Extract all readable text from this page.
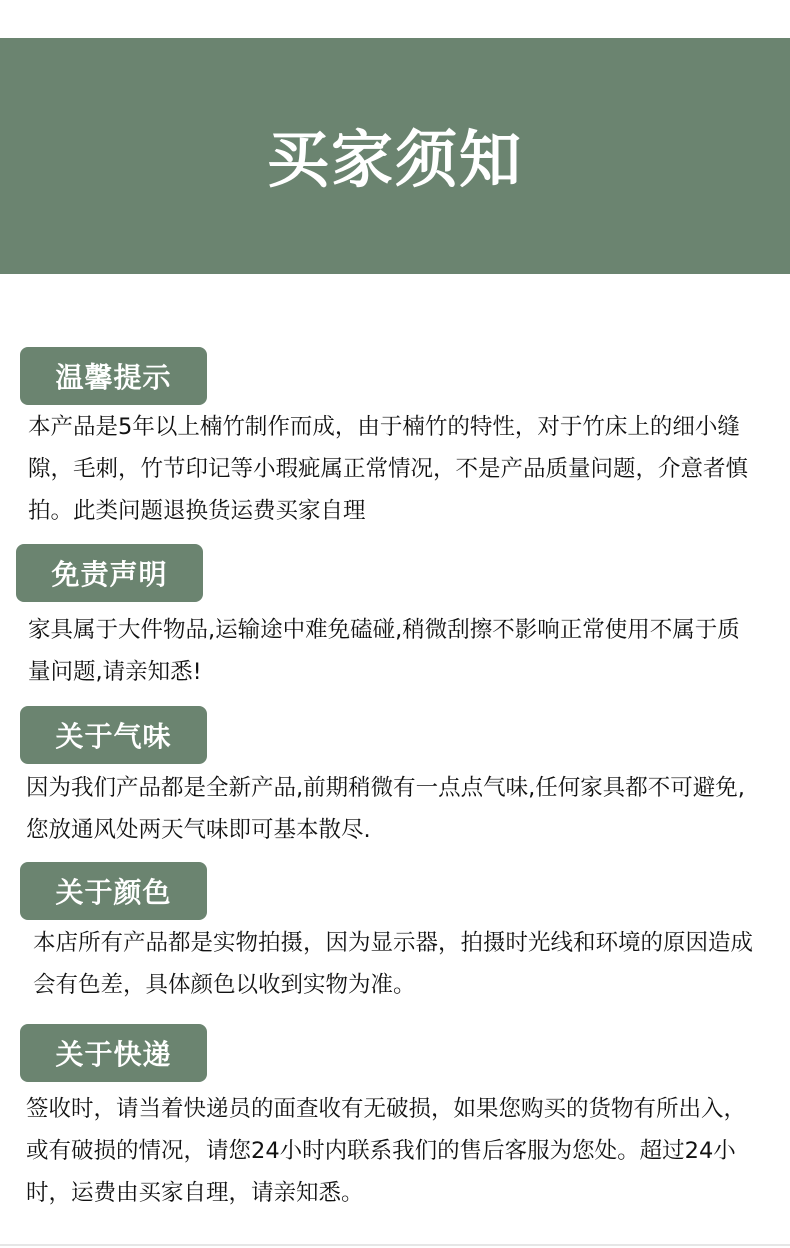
买家须知
温馨提示
本产品是5年以上楠竹制作而成，由于楠竹的特性，对于竹床上的细小缝隙，毛刺，竹节印记等小瑕疵属正常情况，不是产品质量问题，介意者慎拍。此类问题退换货运费买家自理
免责声明
家具属于大件物品,运输途中难免磕碰,稍微刮擦不影响正常使用不属于质量问题,请亲知悉!
关于气味
因为我们产品都是全新产品,前期稍微有一点点气味,任何家具都不可避免,您放通风处两天气味即可基本散尽.
关于颜色
本店所有产品都是实物拍摄，因为显示器，拍摄时光线和环境的原因造成会有色差，具体颜色以收到实物为准。
关于快递
签收时，请当着快递员的面查收有无破损，如果您购买的货物有所出入，或有破损的情况，请您24小时内联系我们的售后客服为您处。超过24小时，运费由买家自理，请亲知悉。
